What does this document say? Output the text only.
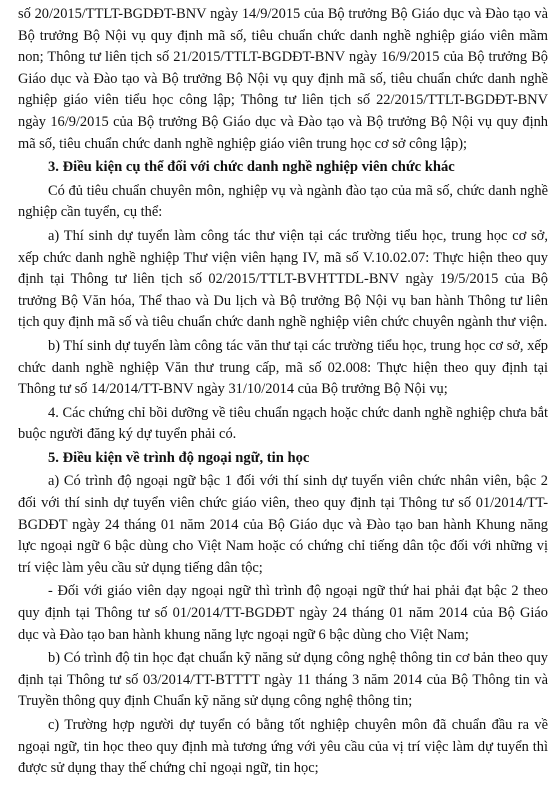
số 20/2015/TTLT-BGDĐT-BNV ngày 14/9/2015 của Bộ trưởng Bộ Giáo dục và Đào tạo và Bộ trưởng Bộ Nội vụ quy định mã số, tiêu chuẩn chức danh nghề nghiệp giáo viên mầm non; Thông tư liên tịch số 21/2015/TTLT-BGDĐT-BNV ngày 16/9/2015 của Bộ trưởng Bộ Giáo dục và Đào tạo và Bộ trưởng Bộ Nội vụ quy định mã số, tiêu chuẩn chức danh nghề nghiệp giáo viên tiểu học công lập; Thông tư liên tịch số 22/2015/TTLT-BGDĐT-BNV ngày 16/9/2015 của Bộ trưởng Bộ Giáo dục và Đào tạo và Bộ trưởng Bộ Nội vụ quy định mã số, tiêu chuẩn chức danh nghề nghiệp giáo viên trung học cơ sở công lập);

3. Điều kiện cụ thể đối với chức danh nghề nghiệp viên chức khác

Có đủ tiêu chuẩn chuyên môn, nghiệp vụ và ngành đào tạo của mã số, chức danh nghề nghiệp cần tuyển, cụ thể:

a) Thí sinh dự tuyển làm công tác thư viện tại các trường tiểu học, trung học cơ sở, xếp chức danh nghề nghiệp Thư viện viên hạng IV, mã số V.10.02.07: Thực hiện theo quy định tại Thông tư liên tịch số 02/2015/TTLT-BVHTTDL-BNV ngày 19/5/2015 của Bộ trưởng Bộ Văn hóa, Thể thao và Du lịch và Bộ trưởng Bộ Nội vụ ban hành Thông tư liên tịch quy định mã số và tiêu chuẩn chức danh nghề nghiệp viên chức chuyên ngành thư viện.

b) Thí sinh dự tuyển làm công tác văn thư tại các trường tiểu học, trung học cơ sở, xếp chức danh nghề nghiệp Văn thư trung cấp, mã số 02.008: Thực hiện theo quy định tại Thông tư số 14/2014/TT-BNV ngày 31/10/2014 của Bộ trưởng Bộ Nội vụ;

4. Các chứng chỉ bồi dưỡng về tiêu chuẩn ngạch hoặc chức danh nghề nghiệp chưa bắt buộc người đăng ký dự tuyển phải có.

5. Điều kiện về trình độ ngoại ngữ, tin học

a) Có trình độ ngoại ngữ bậc 1 đối với thí sinh dự tuyển viên chức nhân viên, bậc 2 đối với thí sinh dự tuyển viên chức giáo viên, theo quy định tại Thông tư số 01/2014/TT-BGDĐT ngày 24 tháng 01 năm 2014 của Bộ Giáo dục và Đào tạo ban hành Khung năng lực ngoại ngữ 6 bậc dùng cho Việt Nam hoặc có chứng chỉ tiếng dân tộc đối với những vị trí việc làm yêu cầu sử dụng tiếng dân tộc;

- Đối với giáo viên dạy ngoại ngữ thì trình độ ngoại ngữ thứ hai phải đạt bậc 2 theo quy định tại Thông tư số 01/2014/TT-BGDĐT ngày 24 tháng 01 năm 2014 của Bộ Giáo dục và Đào tạo ban hành khung năng lực ngoại ngữ 6 bậc dùng cho Việt Nam;

b) Có trình độ tin học đạt chuẩn kỹ năng sử dụng công nghệ thông tin cơ bản theo quy định tại Thông tư số 03/2014/TT-BTTTT ngày 11 tháng 3 năm 2014 của Bộ Thông tin và Truyền thông quy định Chuẩn kỹ năng sử dụng công nghệ thông tin;

c) Trường hợp người dự tuyển có bằng tốt nghiệp chuyên môn đã chuẩn đầu ra về ngoại ngữ, tin học theo quy định mà tương ứng với yêu cầu của vị trí việc làm dự tuyển thì được sử dụng thay thế chứng chỉ ngoại ngữ, tin học;
